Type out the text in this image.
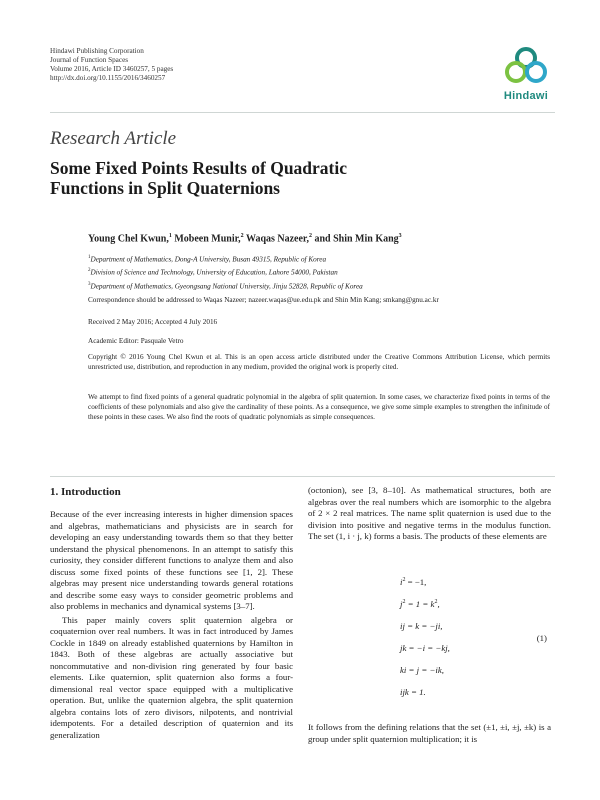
Hindawi Publishing Corporation
Journal of Function Spaces
Volume 2016, Article ID 3460257, 5 pages
http://dx.doi.org/10.1155/2016/3460257
Hindawi
Research Article
Some Fixed Points Results of Quadratic
Functions in Split Quaternions
Young Chel Kwun,$^1$ Mobeen Munir,$^2$ Waqas Nazeer,$^2$ and Shin Min Kang$^3$
$^1$Department of Mathematics, Dong-A University, Busan 49315, Republic of Korea
$^2$Division of Science and Technology, University of Education, Lahore 54000, Pakistan
$^3$Department of Mathematics, Gyeongsang National University, Jinju 52828, Republic of Korea
Correspondence should be addressed to Waqas Nazeer; nazeer.waqas@ue.edu.pk and Shin Min Kang; smkang@gnu.ac.kr
Received 2 May 2016; Accepted 4 July 2016
Academic Editor: Pasquale Vetro
Copyright © 2016 Young Chel Kwun et al. This is an open access article distributed under the Creative Commons Attribution License, which permits unrestricted use, distribution, and reproduction in any medium, provided the original work is properly cited.
We attempt to find fixed points of a general quadratic polynomial in the algebra of split quaternion. In some cases, we characterize fixed points in terms of the coefficients of these polynomials and also give the cardinality of these points. As a consequence, we give some simple examples to strengthen the infinitude of these points in these cases. We also find the roots of quadratic polynomials as simple consequences.
1. Introduction

Because of the ever increasing interests in higher dimension spaces and algebras, mathematicians and physicists are in search for developing an easy understanding towards them so that they better understand the physical phenomenons. In an attempt to satisfy this curiosity, they consider different functions to analyze them and also discuss some fixed points of these functions see [1, 2]. These algebras may present nice understanding towards general rotations and describe some easy ways to consider geometric problems and also problems in mechanics and dynamical systems [3–7].

This paper mainly covers split quaternion algebra or coquaternion over real numbers. It was in fact introduced by James Cockle in 1849 on already established quaternions by Hamilton in 1843. Both of these algebras are actually associative but noncommutative and non-division ring generated by four basic elements. Like quaternion, split quaternion also forms a four-dimensional real vector space equipped with a multiplicative operation. But, unlike the quaternion algebra, the split quaternion algebra contains lots of zero divisors, nilpotents, and nontrivial idempotents. For a detailed description of quaternion and its generalization

(octonion), see [3, 8–10]. As mathematical structures, both are algebras over the real numbers which are isomorphic to the algebra of 2 × 2 real matrices. The name split quaternion is used due to the division into positive and negative terms in the modulus function. The set (1, i · j, k) forms a basis. The products of these elements are

$i^2 = -1$,
$j^2 = 1 = k^2$,
ij = k = −ji,
jk = −i = −kj,
ki = j = −ik,
ijk = 1.
(1)
It follows from the defining relations that the set (±1, ±i, ±j, ±k) is a group under split quaternion multiplication; it is
